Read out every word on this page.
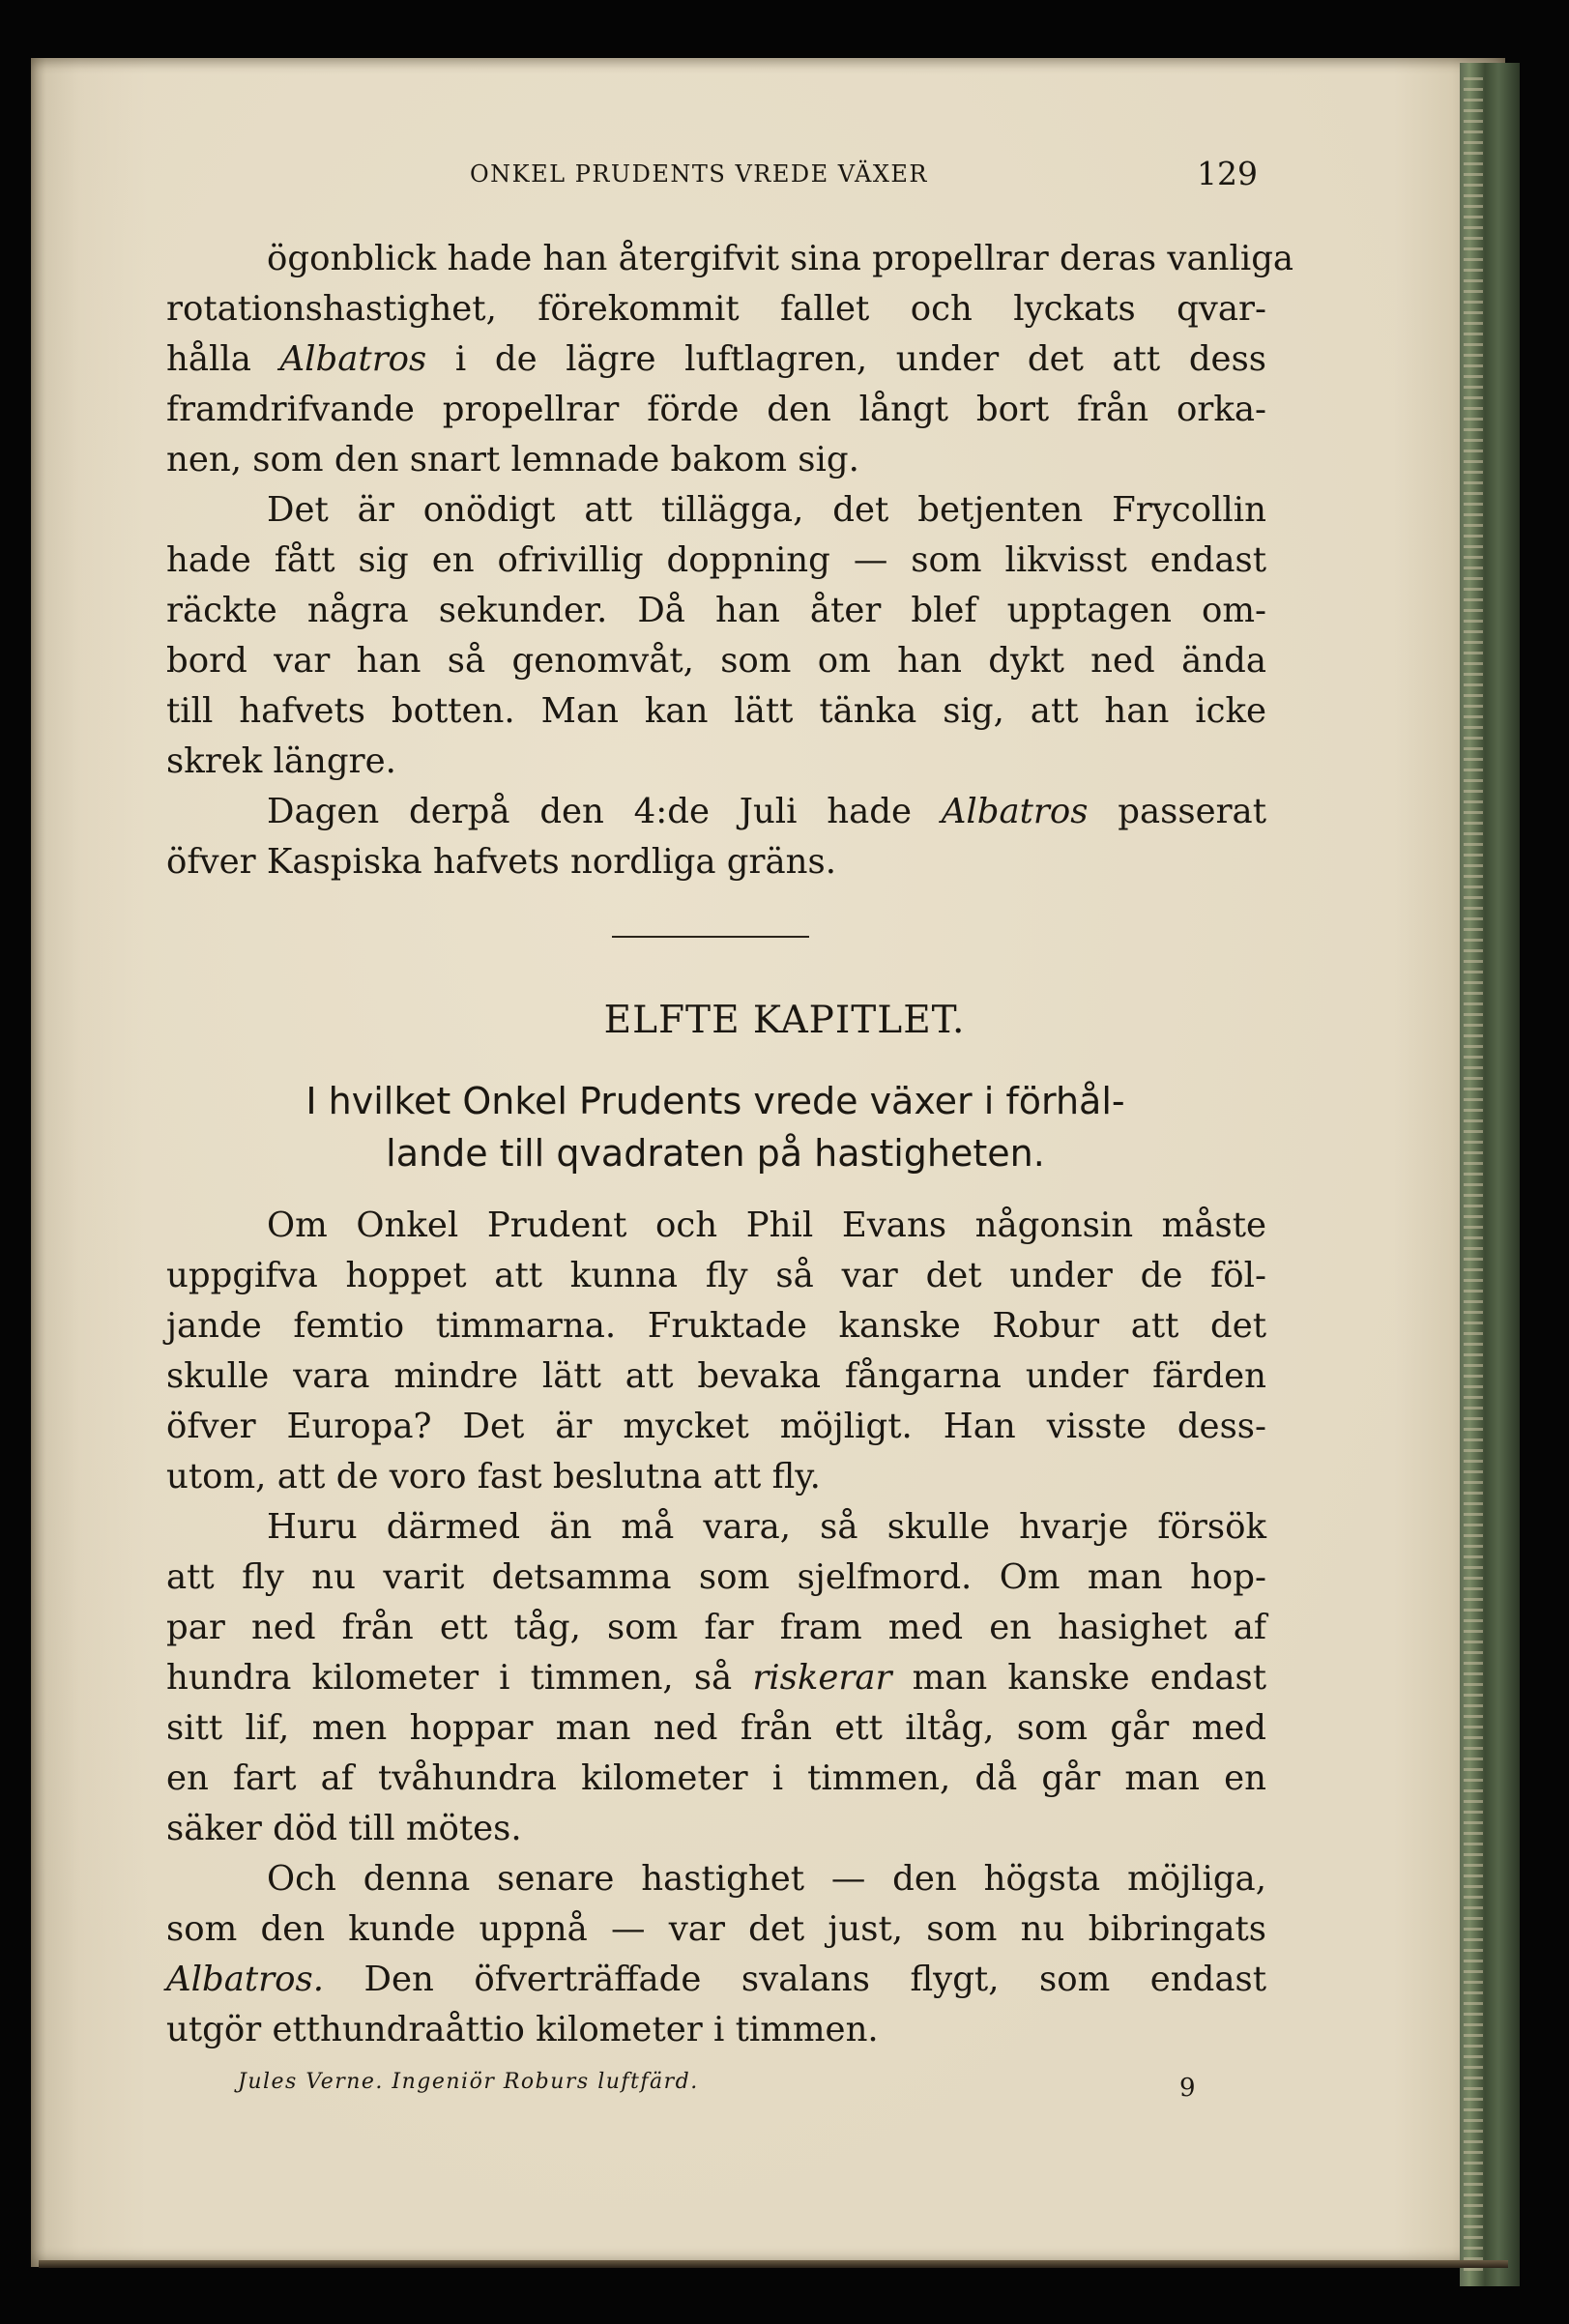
ONKEL PRUDENTS VREDE VÄXER	129
ögonblick hade han återgifvit sina propellrar deras vanliga
rotationshastighet, förekommit fallet och lyckats qvar-
hålla Albatros i de lägre luftlagren, under det att dess
framdrifvande propellrar förde den långt bort från orka-
nen, som den snart lemnade bakom sig.
Det är onödigt att tillägga, det betjenten Frycollin
hade fått sig en ofrivillig doppning — som likvisst endast
räckte några sekunder. Då han åter blef upptagen om-
bord var han så genomvåt, som om han dykt ned ända
till hafvets botten. Man kan lätt tänka sig, att han icke
skrek längre.
Dagen derpå den 4:de Juli hade Albatros passerat
öfver Kaspiska hafvets nordliga gräns.
ELFTE KAPITLET.
I hvilket Onkel Prudents vrede växer i förhål-
lande till qvadraten på hastigheten.
Om Onkel Prudent och Phil Evans någonsin måste
uppgifva hoppet att kunna fly så var det under de föl-
jande femtio timmarna. Fruktade kanske Robur att det
skulle vara mindre lätt att bevaka fångarna under färden
öfver Europa? Det är mycket möjligt. Han visste dess-
utom, att de voro fast beslutna att fly.
Huru därmed än må vara, så skulle hvarje försök
att fly nu varit detsamma som sjelfmord. Om man hop-
par ned från ett tåg, som far fram med en hasighet af
hundra kilometer i timmen, så riskerar man kanske endast
sitt lif, men hoppar man ned från ett iltåg, som går med
en fart af tvåhundra kilometer i timmen, då går man en
säker död till mötes.
Och denna senare hastighet — den högsta möjliga,
som den kunde uppnå — var det just, som nu bibringats
Albatros. Den öfverträffade svalans flygt, som endast
utgör etthundraåttio kilometer i timmen.
Jules Verne. Ingeniör Roburs luftfärd.	9
